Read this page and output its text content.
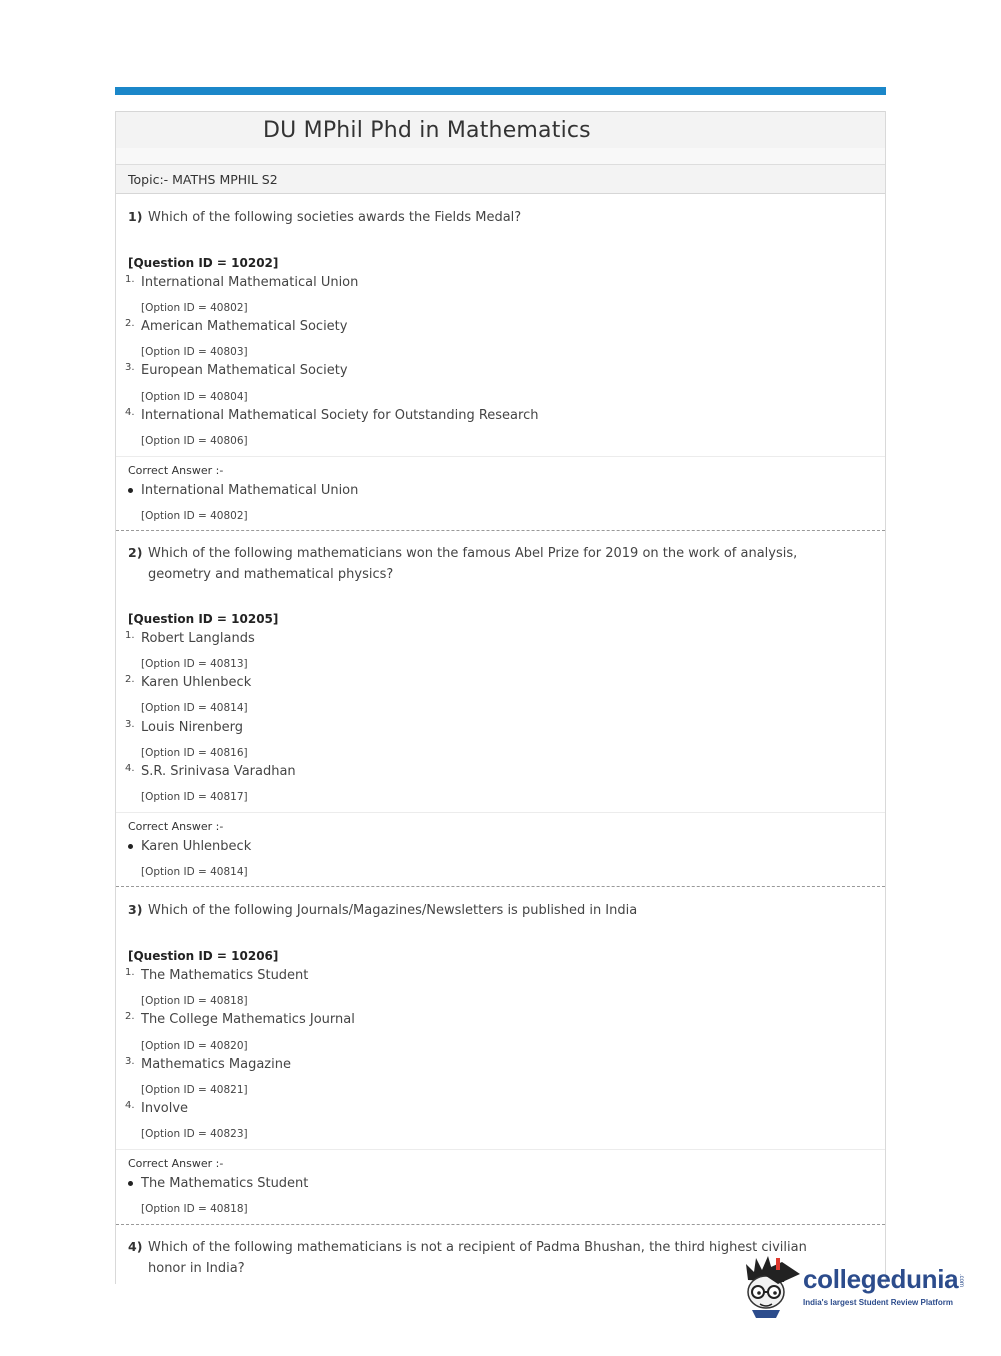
DU MPhil Phd in Mathematics
Topic:- MATHS MPHIL S2
1) Which of the following societies awards the Fields Medal?
[Question ID = 10202]
1. International Mathematical Union
[Option ID = 40802]
2. American Mathematical Society
[Option ID = 40803]
3. European Mathematical Society
[Option ID = 40804]
4. International Mathematical Society for Outstanding Research
[Option ID = 40806]
Correct Answer :-
International Mathematical Union
[Option ID = 40802]
2) Which of the following mathematicians won the famous Abel Prize for 2019 on the work of analysis, geometry and mathematical physics?
[Question ID = 10205]
1. Robert Langlands
[Option ID = 40813]
2. Karen Uhlenbeck
[Option ID = 40814]
3. Louis Nirenberg
[Option ID = 40816]
4. S.R. Srinivasa Varadhan
[Option ID = 40817]
Correct Answer :-
Karen Uhlenbeck
[Option ID = 40814]
3) Which of the following Journals/Magazines/Newsletters is published in India
[Question ID = 10206]
1. The Mathematics Student
[Option ID = 40818]
2. The College Mathematics Journal
[Option ID = 40820]
3. Mathematics Magazine
[Option ID = 40821]
4. Involve
[Option ID = 40823]
Correct Answer :-
The Mathematics Student
[Option ID = 40818]
4) Which of the following mathematicians is not a recipient of Padma Bhushan, the third highest civilian honor in India?	collegedunia .com
India's largest Student Review Platform
